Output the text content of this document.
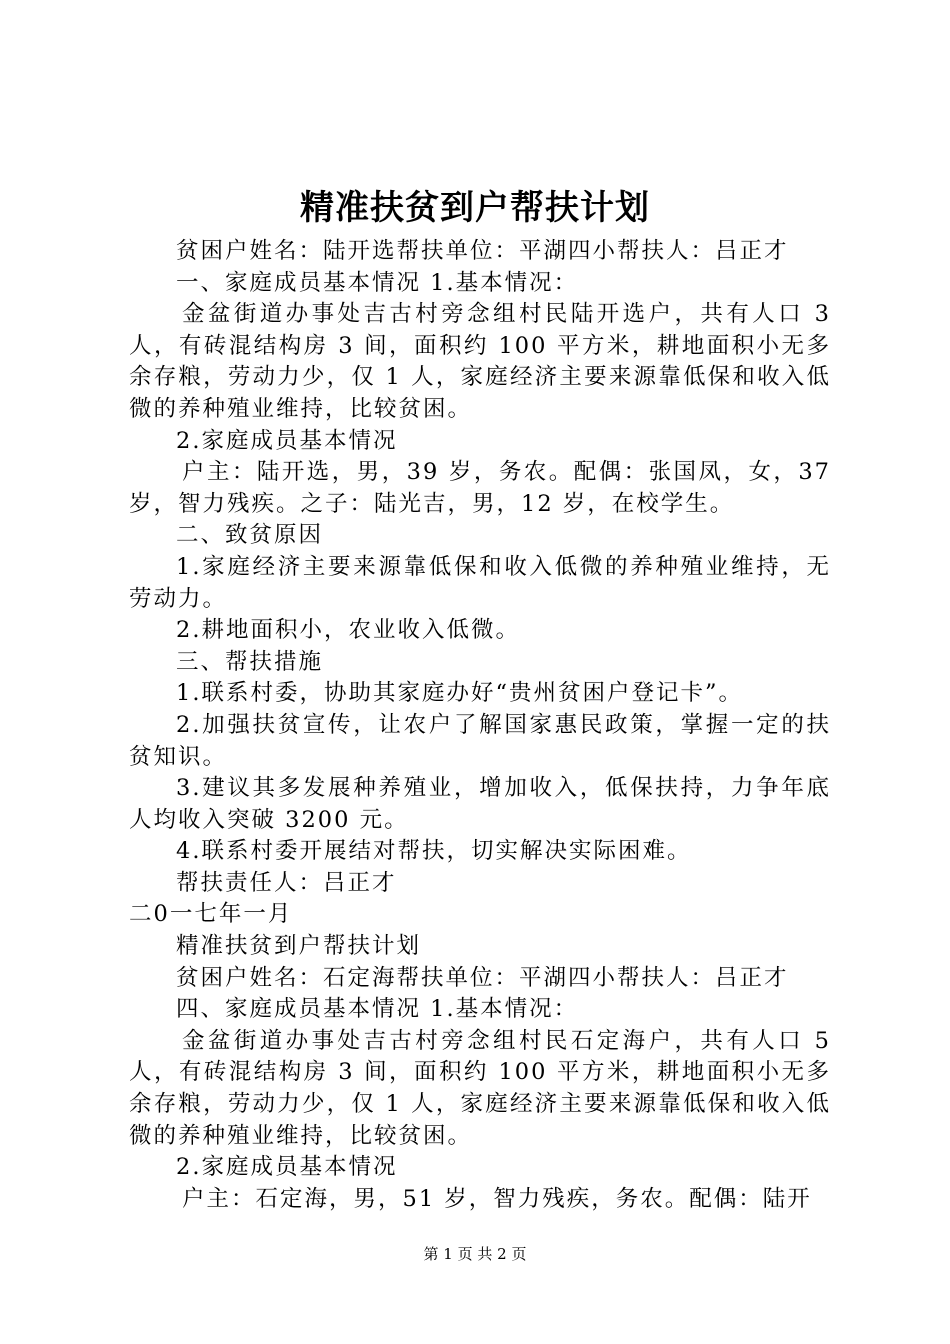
精准扶贫到户帮扶计划

贫困户姓名：陆开选帮扶单位：平湖四小帮扶人：吕正才

一、家庭成员基本情况 1.基本情况：

金盆街道办事处吉古村旁念组村民陆开选户，共有人口 3 人，有砖混结构房 3 间，面积约 100 平方米，耕地面积小无多余存粮，劳动力少，仅 1 人，家庭经济主要来源靠低保和收入低微的养种殖业维持，比较贫困。

2.家庭成员基本情况

户主：陆开选，男，39 岁，务农。配偶：张国凤，女，37 岁，智力残疾。之子：陆光吉，男，12 岁，在校学生。

二、致贫原因

1.家庭经济主要来源靠低保和收入低微的养种殖业维持，无劳动力。

2.耕地面积小，农业收入低微。

三、帮扶措施

1.联系村委，协助其家庭办好“贵州贫困户登记卡”。

2.加强扶贫宣传，让农户了解国家惠民政策，掌握一定的扶贫知识。

3.建议其多发展种养殖业，增加收入，低保扶持，力争年底人均收入突破 3200 元。

4.联系村委开展结对帮扶，切实解决实际困难。

帮扶责任人：吕正才

二0一七年一月

精准扶贫到户帮扶计划

贫困户姓名：石定海帮扶单位：平湖四小帮扶人：吕正才

四、家庭成员基本情况 1.基本情况：

金盆街道办事处吉古村旁念组村民石定海户，共有人口 5 人，有砖混结构房 3 间，面积约 100 平方米，耕地面积小无多余存粮，劳动力少，仅 1 人，家庭经济主要来源靠低保和收入低微的养种殖业维持，比较贫困。

2.家庭成员基本情况

户主：石定海，男，51 岁，智力残疾，务农。配偶：陆开

第 1 页 共 2 页
